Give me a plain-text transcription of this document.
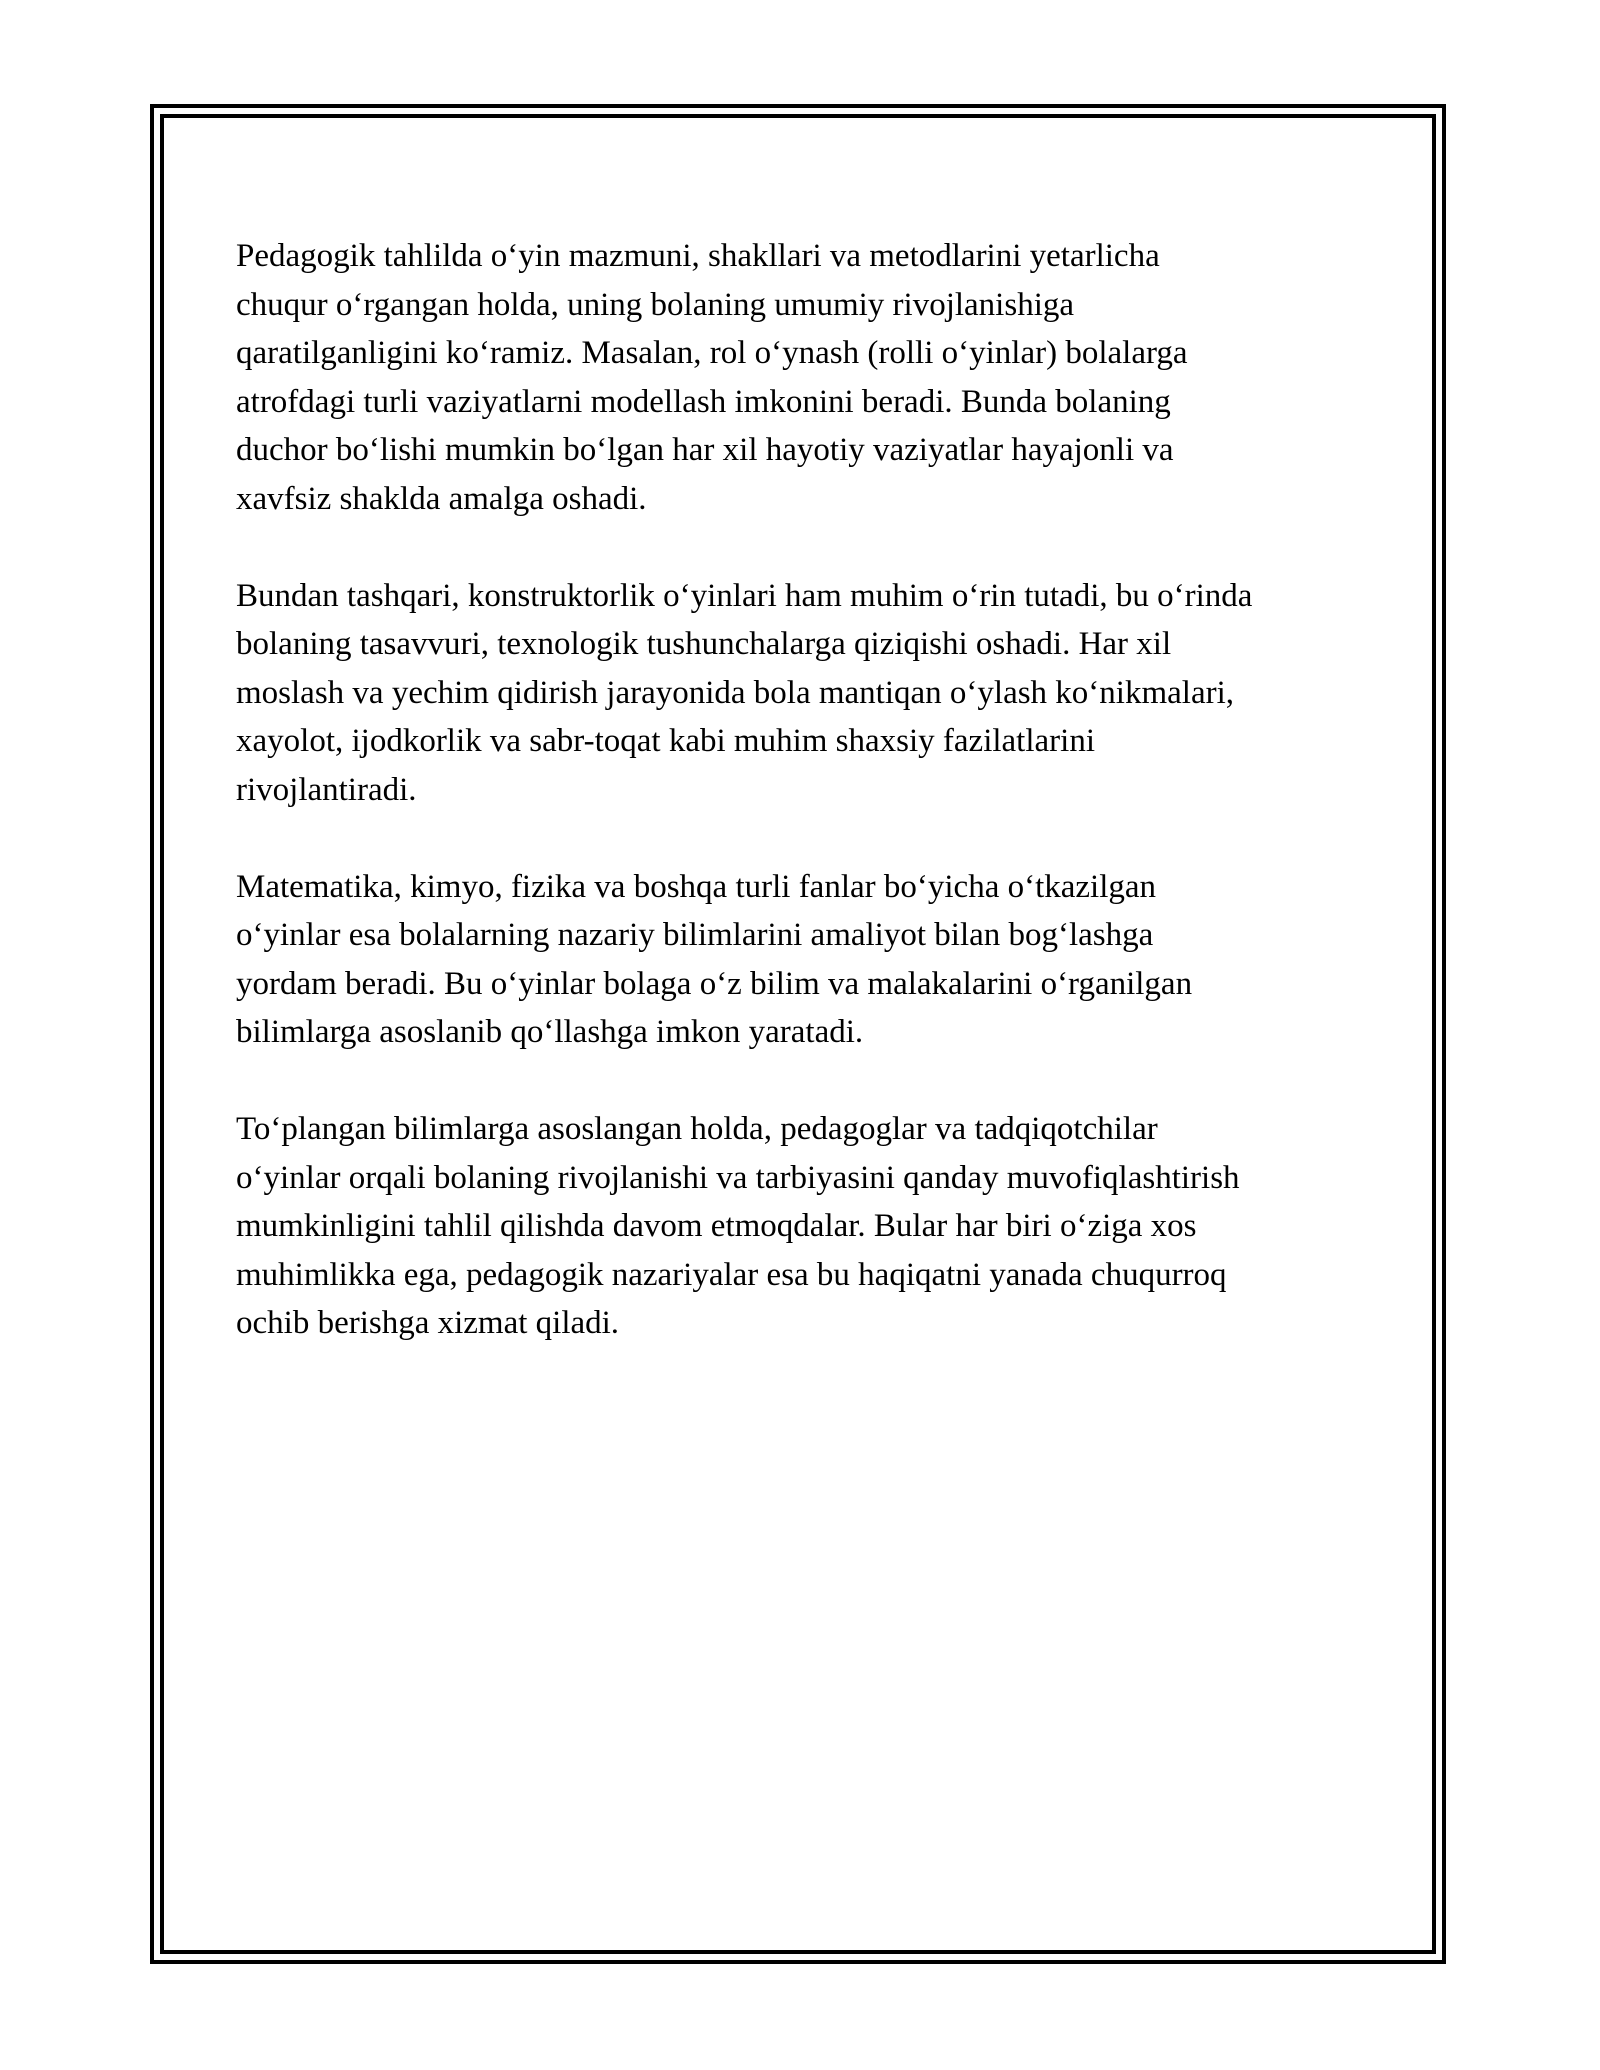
Pedagogik tahlilda o‘yin mazmuni, shakllari va metodlarini yetarlicha
chuqur o‘rgangan holda, uning bolaning umumiy rivojlanishiga
qaratilganligini ko‘ramiz. Masalan, rol o‘ynash (rolli o‘yinlar) bolalarga
atrofdagi turli vaziyatlarni modellash imkonini beradi. Bunda bolaning
duchor bo‘lishi mumkin bo‘lgan har xil hayotiy vaziyatlar hayajonli va
xavfsiz shakldа amalga oshadi.

Bundan tashqari, konstruktorlik o‘yinlari ham muhim o‘rin tutadi, bu o‘rinda
bolaning tasavvuri, texnologik tushunchalarga qiziqishi oshadi. Har xil
moslash va yechim qidirish jarayonida bola mantiqan o‘ylash ko‘nikmalari,
xayolot, ijodkorlik va sabr-toqat kabi muhim shaxsiy fazilatlarini
rivojlantiradi.

Matematika, kimyo, fizika va boshqa turli fanlar bo‘yicha o‘tkazilgan
o‘yinlar esa bolalarning nazariy bilimlarini amaliyot bilan bog‘lashga
yordam beradi. Bu o‘yinlar bolaga o‘z bilim va malakalarini o‘rganilgan
bilimlarga asoslanib qo‘llashga imkon yaratadi.

To‘plangan bilimlarga asoslangan holda, pedagoglar va tadqiqotchilar
o‘yinlar orqali bolaning rivojlanishi va tarbiyasini qanday muvofiqlashtirish
mumkinligini tahlil qilishda davom etmoqdalar. Bular har biri o‘ziga xos
muhimlikka ega, pedagogik nazariyalar esa bu haqiqatni yanada chuqurroq
ochib berishga xizmat qiladi.
